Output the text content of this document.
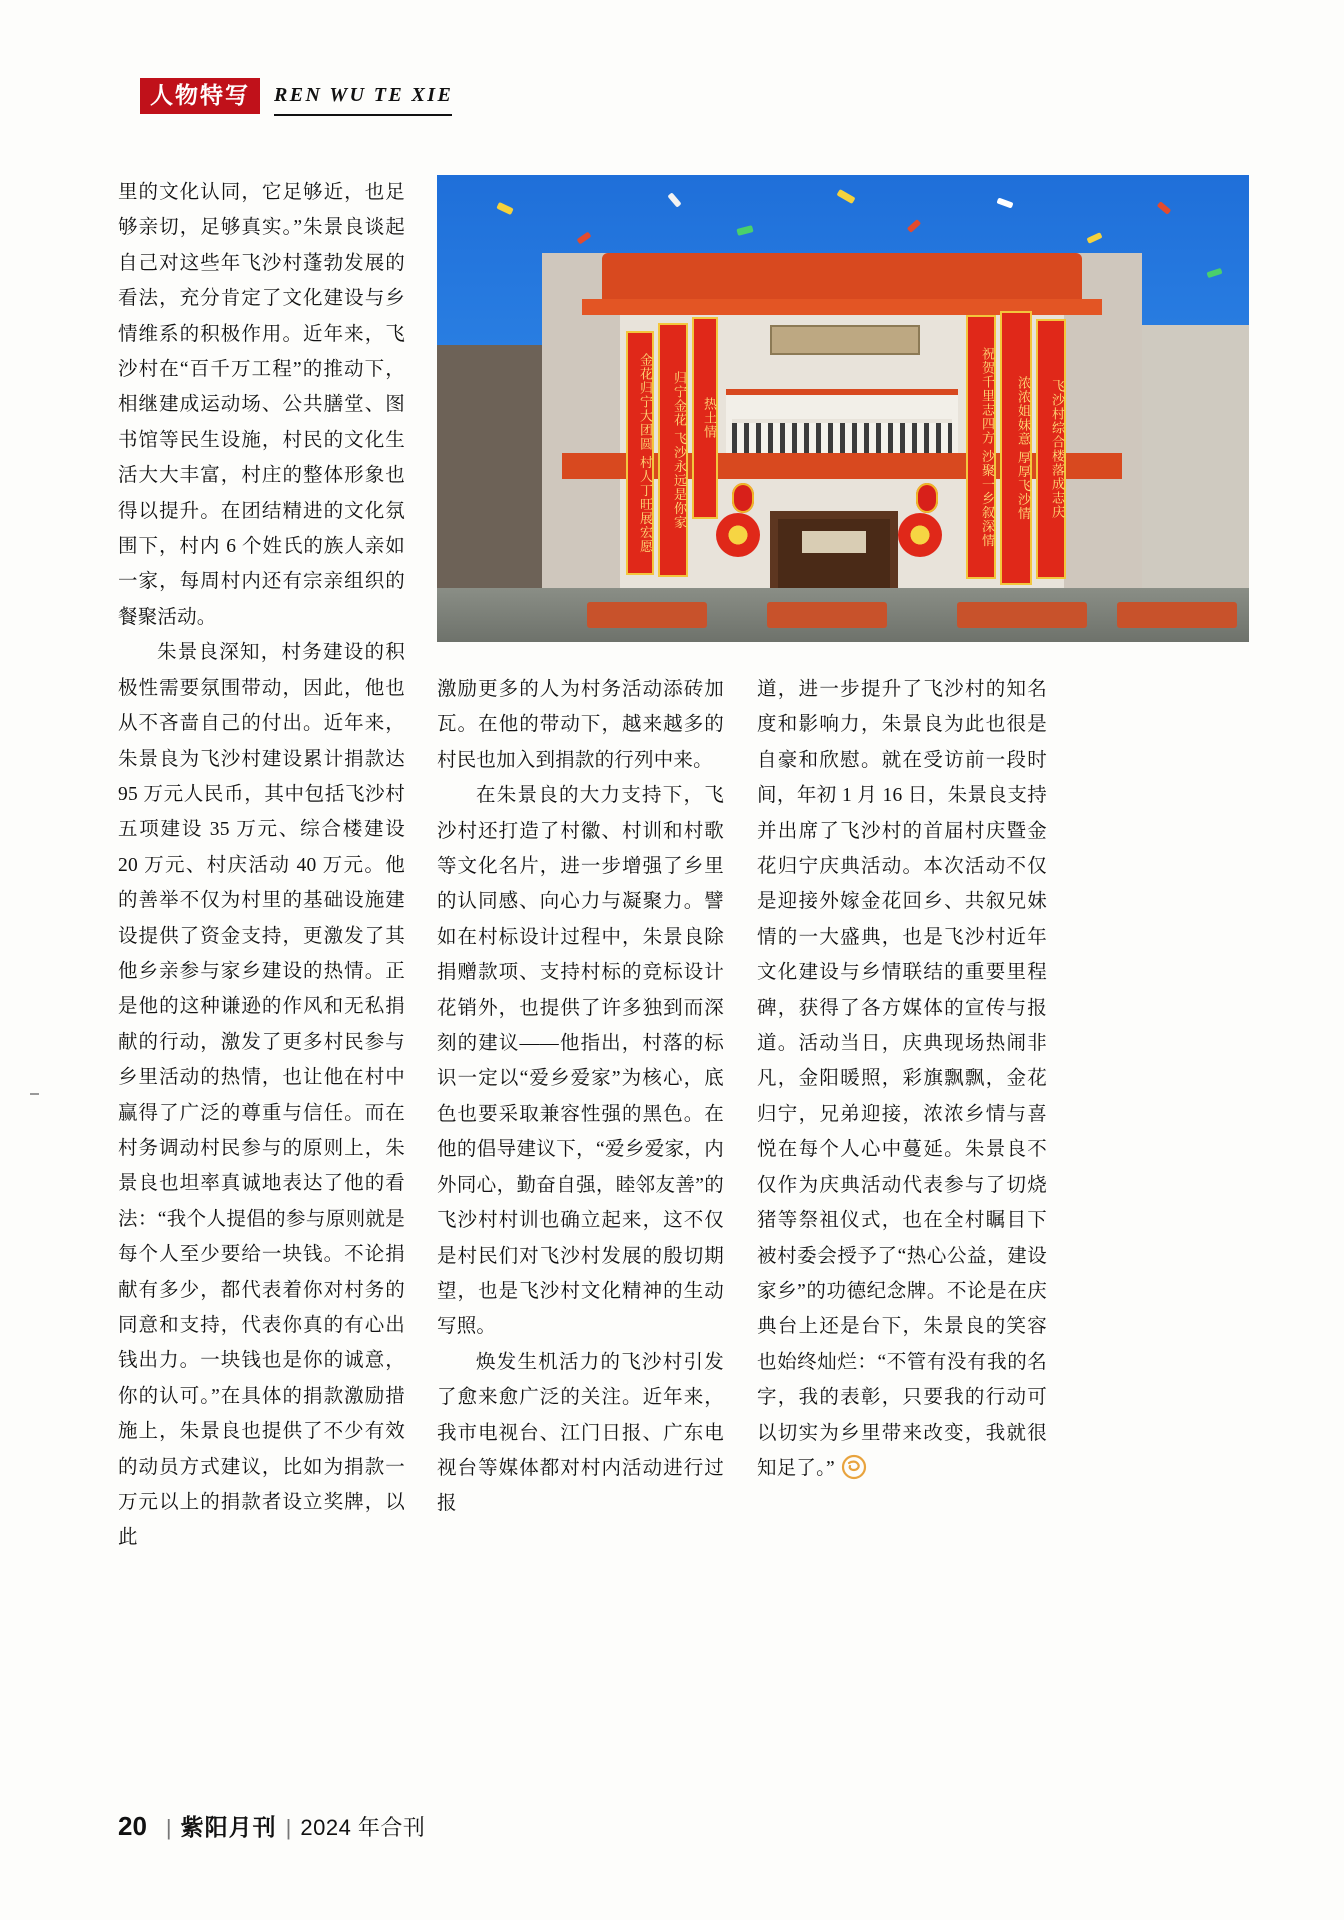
人物特写	REN WU TE XIE
金花归宁大团圆 村人丁旺展宏愿	归宁金花 飞沙永远是你家	热土情	祝贺千里志四方 沙聚一乡叙深情	浓浓姐妹意 厚厚飞沙情	飞沙村综合楼落成志庆

里的文化认同，它足够近，也足够亲切，足够真实。”朱景良谈起自己对这些年飞沙村蓬勃发展的看法，充分肯定了文化建设与乡情维系的积极作用。近年来，飞沙村在“百千万工程”的推动下，相继建成运动场、公共膳堂、图书馆等民生设施，村民的文化生活大大丰富，村庄的整体形象也得以提升。在团结精进的文化氛围下，村内 6 个姓氏的族人亲如一家，每周村内还有宗亲组织的餐聚活动。

朱景良深知，村务建设的积极性需要氛围带动，因此，他也从不吝啬自己的付出。近年来，朱景良为飞沙村建设累计捐款达 95 万元人民币，其中包括飞沙村五项建设 35 万元、综合楼建设 20 万元、村庆活动 40 万元。他的善举不仅为村里的基础设施建设提供了资金支持，更激发了其他乡亲参与家乡建设的热情。正是他的这种谦逊的作风和无私捐献的行动，激发了更多村民参与乡里活动的热情，也让他在村中赢得了广泛的尊重与信任。而在村务调动村民参与的原则上，朱景良也坦率真诚地表达了他的看法：“我个人提倡的参与原则就是每个人至少要给一块钱。不论捐献有多少，都代表着你对村务的同意和支持，代表你真的有心出钱出力。一块钱也是你的诚意，你的认可。”在具体的捐款激励措施上，朱景良也提供了不少有效的动员方式建议，比如为捐款一万元以上的捐款者设立奖牌，以此

激励更多的人为村务活动添砖加瓦。在他的带动下，越来越多的村民也加入到捐款的行列中来。

在朱景良的大力支持下，飞沙村还打造了村徽、村训和村歌等文化名片，进一步增强了乡里的认同感、向心力与凝聚力。譬如在村标设计过程中，朱景良除捐赠款项、支持村标的竞标设计花销外，也提供了许多独到而深刻的建议——他指出，村落的标识一定以“爱乡爱家”为核心，底色也要采取兼容性强的黑色。在他的倡导建议下，“爱乡爱家，内外同心，勤奋自强，睦邻友善”的飞沙村村训也确立起来，这不仅是村民们对飞沙村发展的殷切期望，也是飞沙村文化精神的生动写照。

焕发生机活力的飞沙村引发了愈来愈广泛的关注。近年来，我市电视台、江门日报、广东电视台等媒体都对村内活动进行过报

道，进一步提升了飞沙村的知名度和影响力，朱景良为此也很是自豪和欣慰。就在受访前一段时间，年初 1 月 16 日，朱景良支持并出席了飞沙村的首届村庆暨金花归宁庆典活动。本次活动不仅是迎接外嫁金花回乡、共叙兄妹情的一大盛典，也是飞沙村近年文化建设与乡情联结的重要里程碑，获得了各方媒体的宣传与报道。活动当日，庆典现场热闹非凡，金阳暖照，彩旗飘飘，金花归宁，兄弟迎接，浓浓乡情与喜悦在每个人心中蔓延。朱景良不仅作为庆典活动代表参与了切烧猪等祭祖仪式，也在全村瞩目下被村委会授予了“热心公益，建设家乡”的功德纪念牌。不论是在庆典台上还是台下，朱景良的笑容也始终灿烂：“不管有没有我的名字，我的表彰，只要我的行动可以切实为乡里带来改变，我就很知足了。”

20 | 紫阳月刊 | 2024 年合刊
